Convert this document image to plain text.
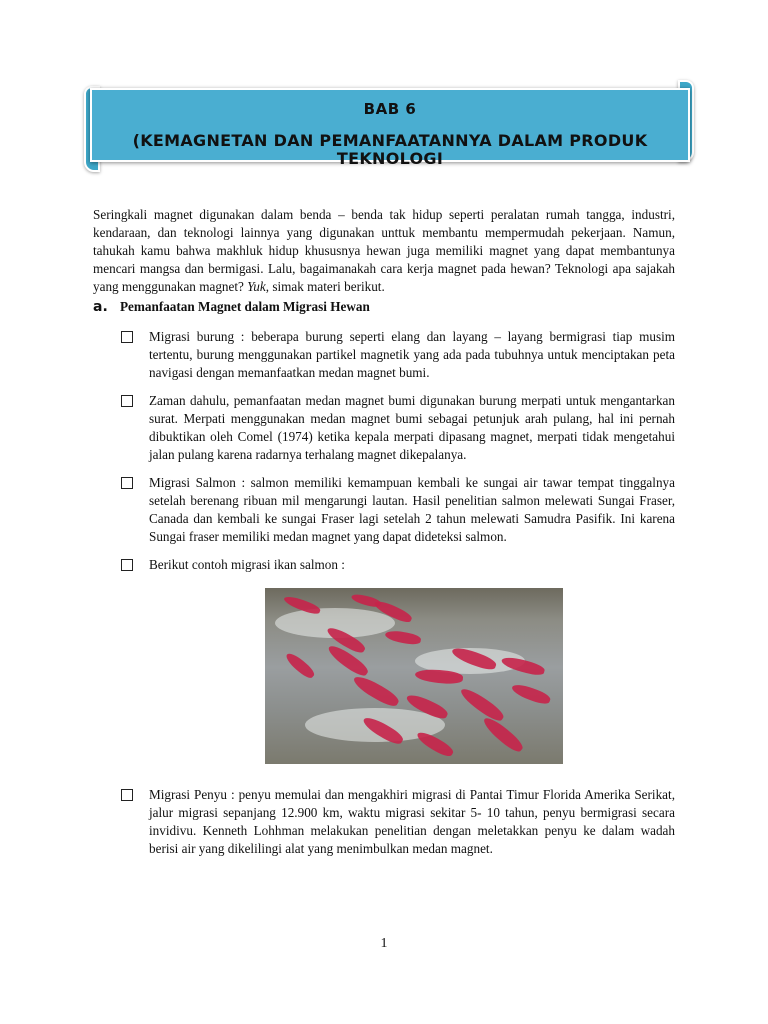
BAB 6
(KEMAGNETAN DAN PEMANFAATANNYA DALAM PRODUK TEKNOLOGI

Seringkali magnet digunakan dalam benda – benda tak hidup seperti peralatan rumah tangga, industri, kendaraan, dan teknologi lainnya yang digunakan unttuk membantu mempermudah pekerjaan. Namun, tahukah kamu bahwa makhluk hidup khususnya hewan juga memiliki magnet yang dapat membantunya mencari mangsa dan bermigasi. Lalu, bagaimanakah cara kerja magnet pada hewan? Teknologi apa sajakah yang menggunakan magnet? Yuk, simak materi berikut.

a. Pemanfaatan Magnet dalam Migrasi Hewan
Migrasi burung : beberapa burung seperti elang dan layang – layang bermigrasi tiap musim tertentu, burung menggunakan partikel magnetik yang ada pada tubuhnya untuk menciptakan peta navigasi dengan memanfaatkan medan magnet bumi.
Zaman dahulu, pemanfaatan medan magnet bumi digunakan burung merpati untuk mengantarkan surat. Merpati menggunakan medan magnet bumi sebagai petunjuk arah pulang, hal ini pernah dibuktikan oleh Comel (1974) ketika kepala merpati dipasang magnet, merpati tidak mengetahui jalan pulang karena radarnya terhalang magnet dikepalanya.
Migrasi Salmon : salmon memiliki kemampuan kembali ke sungai air tawar tempat tinggalnya setelah berenang ribuan mil mengarungi lautan. Hasil penelitian salmon melewati Sungai Fraser, Canada dan kembali ke sungai Fraser lagi setelah 2 tahun melewati Samudra Pasifik. Ini karena Sungai fraser memiliki medan magnet yang dapat dideteksi salmon.
Berikut contoh migrasi ikan salmon :
Migrasi Penyu : penyu memulai dan mengakhiri migrasi di Pantai Timur Florida Amerika Serikat, jalur migrasi sepanjang 12.900 km, waktu migrasi sekitar 5- 10 tahun, penyu bermigrasi secara invidivu. Kenneth Lohhman melakukan penelitian dengan meletakkan penyu ke dalam wadah berisi air yang dikelilingi alat yang menimbulkan medan magnet.
1
